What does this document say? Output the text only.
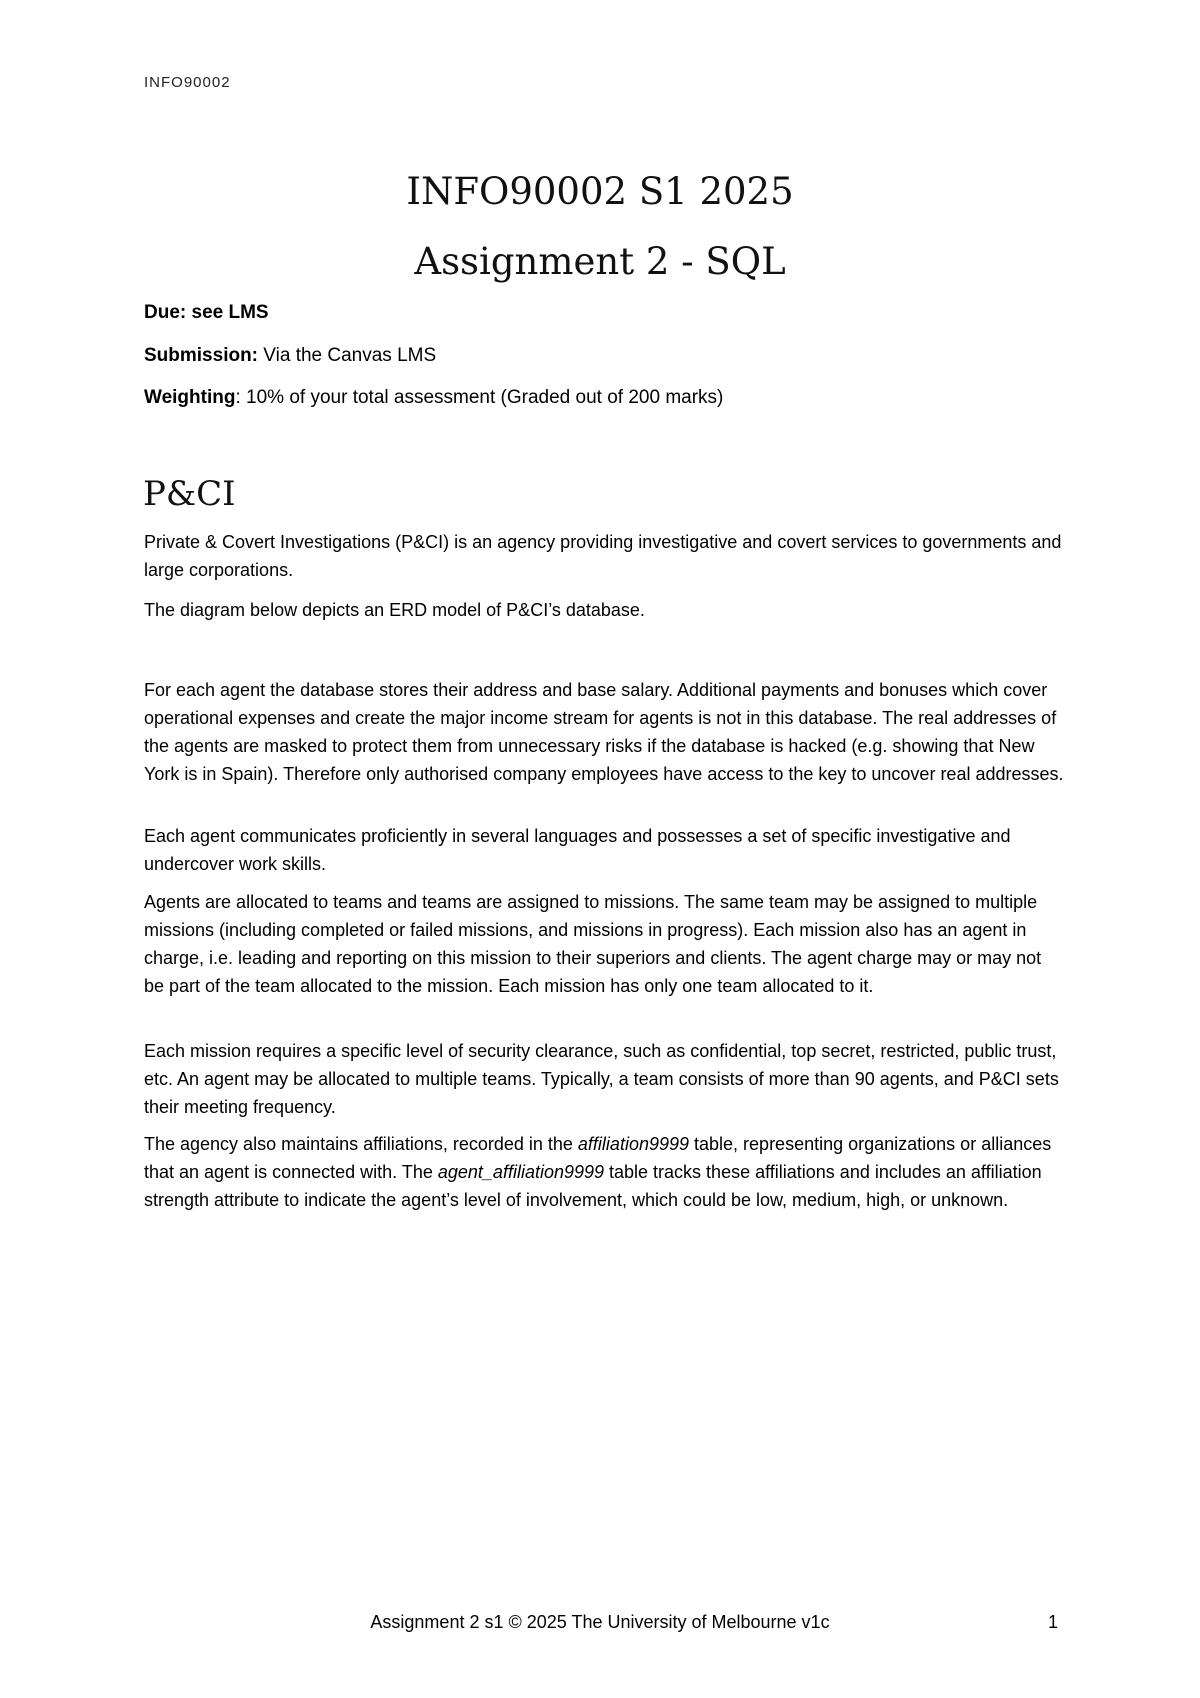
INFO90002
INFO90002 S1 2025
Assignment 2 - SQL
Due: see LMS
Submission: Via the Canvas LMS
Weighting: 10% of your total assessment (Graded out of 200 marks)
P&CI

Private & Covert Investigations (P&CI) is an agency providing investigative and covert services to governments and large corporations.

The diagram below depicts an ERD model of P&CI’s database.

For each agent the database stores their address and base salary. Additional payments and bonuses which cover operational expenses and create the major income stream for agents is not in this database. The real addresses of the agents are masked to protect them from unnecessary risks if the database is hacked (e.g. showing that New York is in Spain). Therefore only authorised company employees have access to the key to uncover real addresses.

Each agent communicates proficiently in several languages and possesses a set of specific investigative and undercover work skills.

Agents are allocated to teams and teams are assigned to missions. The same team may be assigned to multiple missions (including completed or failed missions, and missions in progress). Each mission also has an agent in charge, i.e. leading and reporting on this mission to their superiors and clients. The agent charge may or may not be part of the team allocated to the mission. Each mission has only one team allocated to it.

Each mission requires a specific level of security clearance, such as confidential, top secret, restricted, public trust, etc. An agent may be allocated to multiple teams. Typically, a team consists of more than 90 agents, and P&CI sets their meeting frequency.

The agency also maintains affiliations, recorded in the affiliation9999 table, representing organizations or alliances that an agent is connected with. The agent_affiliation9999 table tracks these affiliations and includes an affiliation strength attribute to indicate the agent’s level of involvement, which could be low, medium, high, or unknown.

Assignment 2 s1 © 2025 The University of Melbourne v1c	1
